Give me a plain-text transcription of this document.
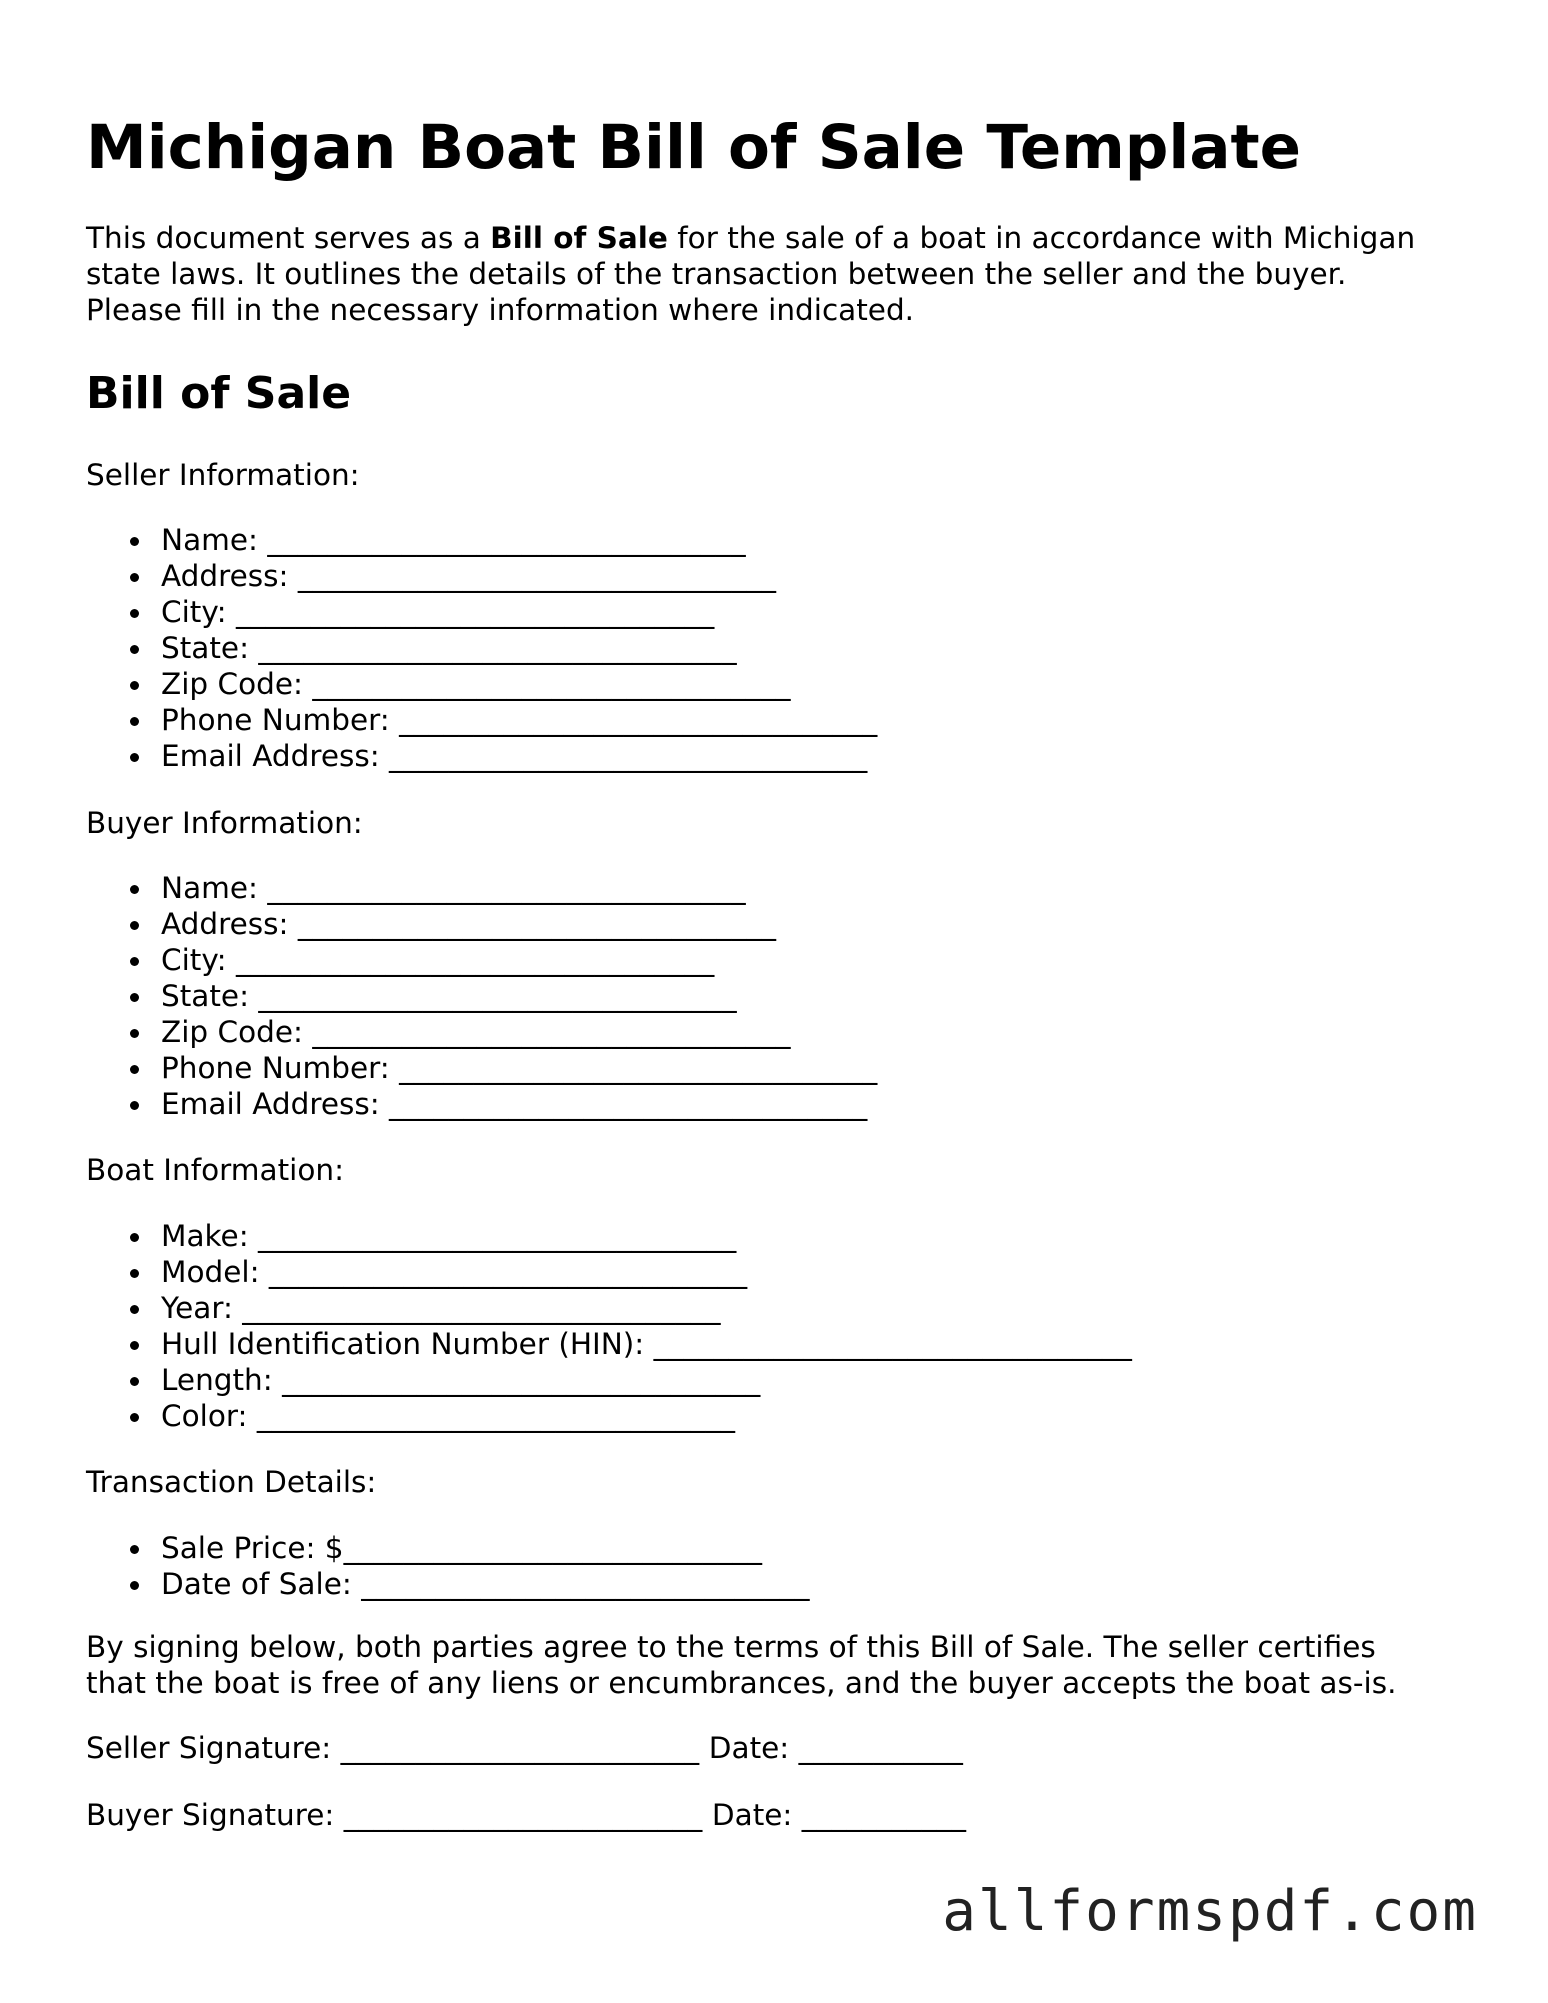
Michigan Boat Bill of Sale Template

This document serves as a Bill of Sale for the sale of a boat in accordance with Michigan
state laws. It outlines the details of the transaction between the seller and the buyer.
Please fill in the necessary information where indicated.

Bill of Sale

Seller Information:

Name: ________________________________
Address: ________________________________
City: ________________________________
State: ________________________________
Zip Code: ________________________________
Phone Number: ________________________________
Email Address: ________________________________

Buyer Information:

Name: ________________________________
Address: ________________________________
City: ________________________________
State: ________________________________
Zip Code: ________________________________
Phone Number: ________________________________
Email Address: ________________________________

Boat Information:

Make: ________________________________
Model: ________________________________
Year: ________________________________
Hull Identification Number (HIN): ________________________________
Length: ________________________________
Color: ________________________________

Transaction Details:

Sale Price: $____________________________
Date of Sale: ______________________________

By signing below, both parties agree to the terms of this Bill of Sale. The seller certifies
that the boat is free of any liens or encumbrances, and the buyer accepts the boat as-is.

Seller Signature: ________________________ Date: ___________

Buyer Signature: ________________________ Date: ___________

allformspdf.com
